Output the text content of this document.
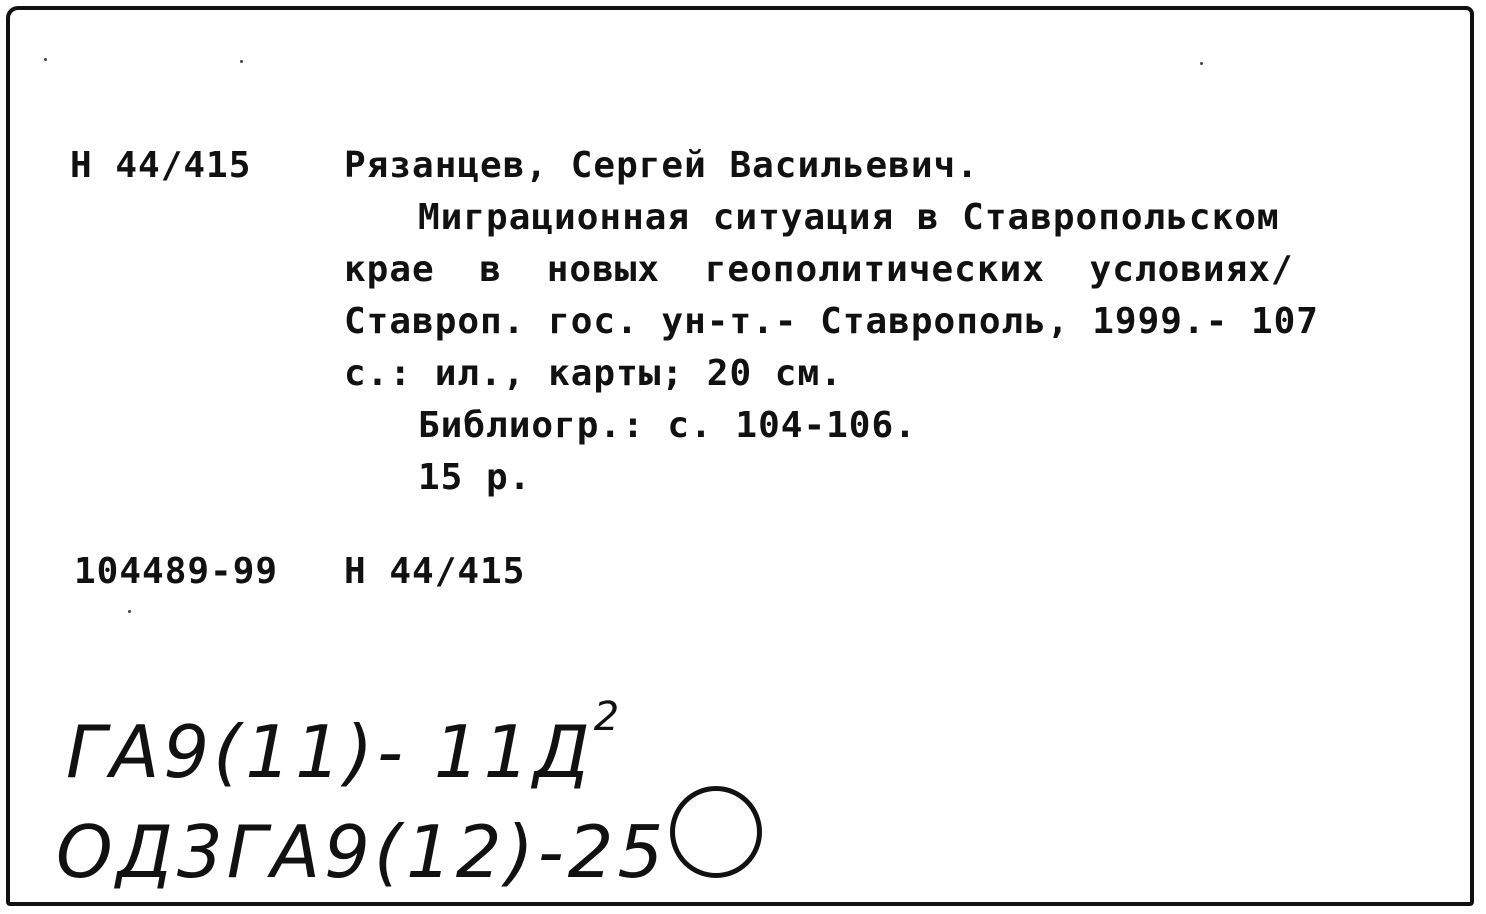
Н 44/415	Рязанцев, Сергей Васильевич.
Миграционная ситуация в Ставропольском
крае в новых геополитических условиях/
Ставроп. гос. ун-т.- Ставрополь, 1999.- 107
с.: ил., карты; 20 см.
Библиогр.: с. 104-106.
15 р.
104489-99 Н 44/415
ГА9(11)- $11Д^2$
ОД3ГА9(12)-25
